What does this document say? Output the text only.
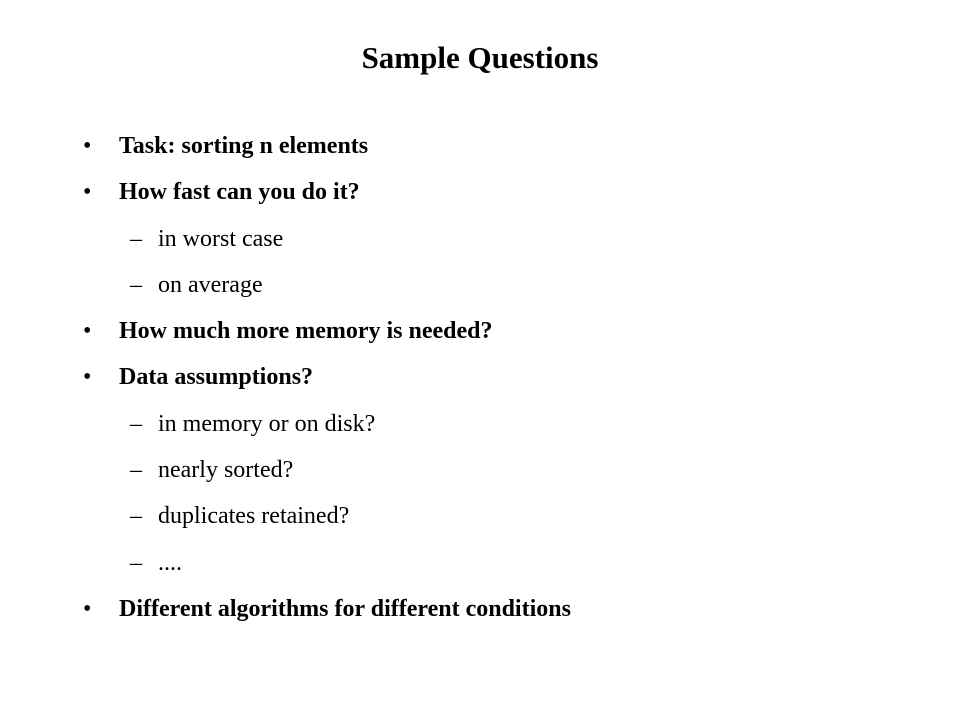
Sample Questions
• Task: sorting n elements
• How fast can you do it?
– in worst case
– on average
• How much more memory is needed?
• Data assumptions?
– in memory or on disk?
– nearly sorted?
– duplicates retained?
– ....
• Different algorithms for different conditions
